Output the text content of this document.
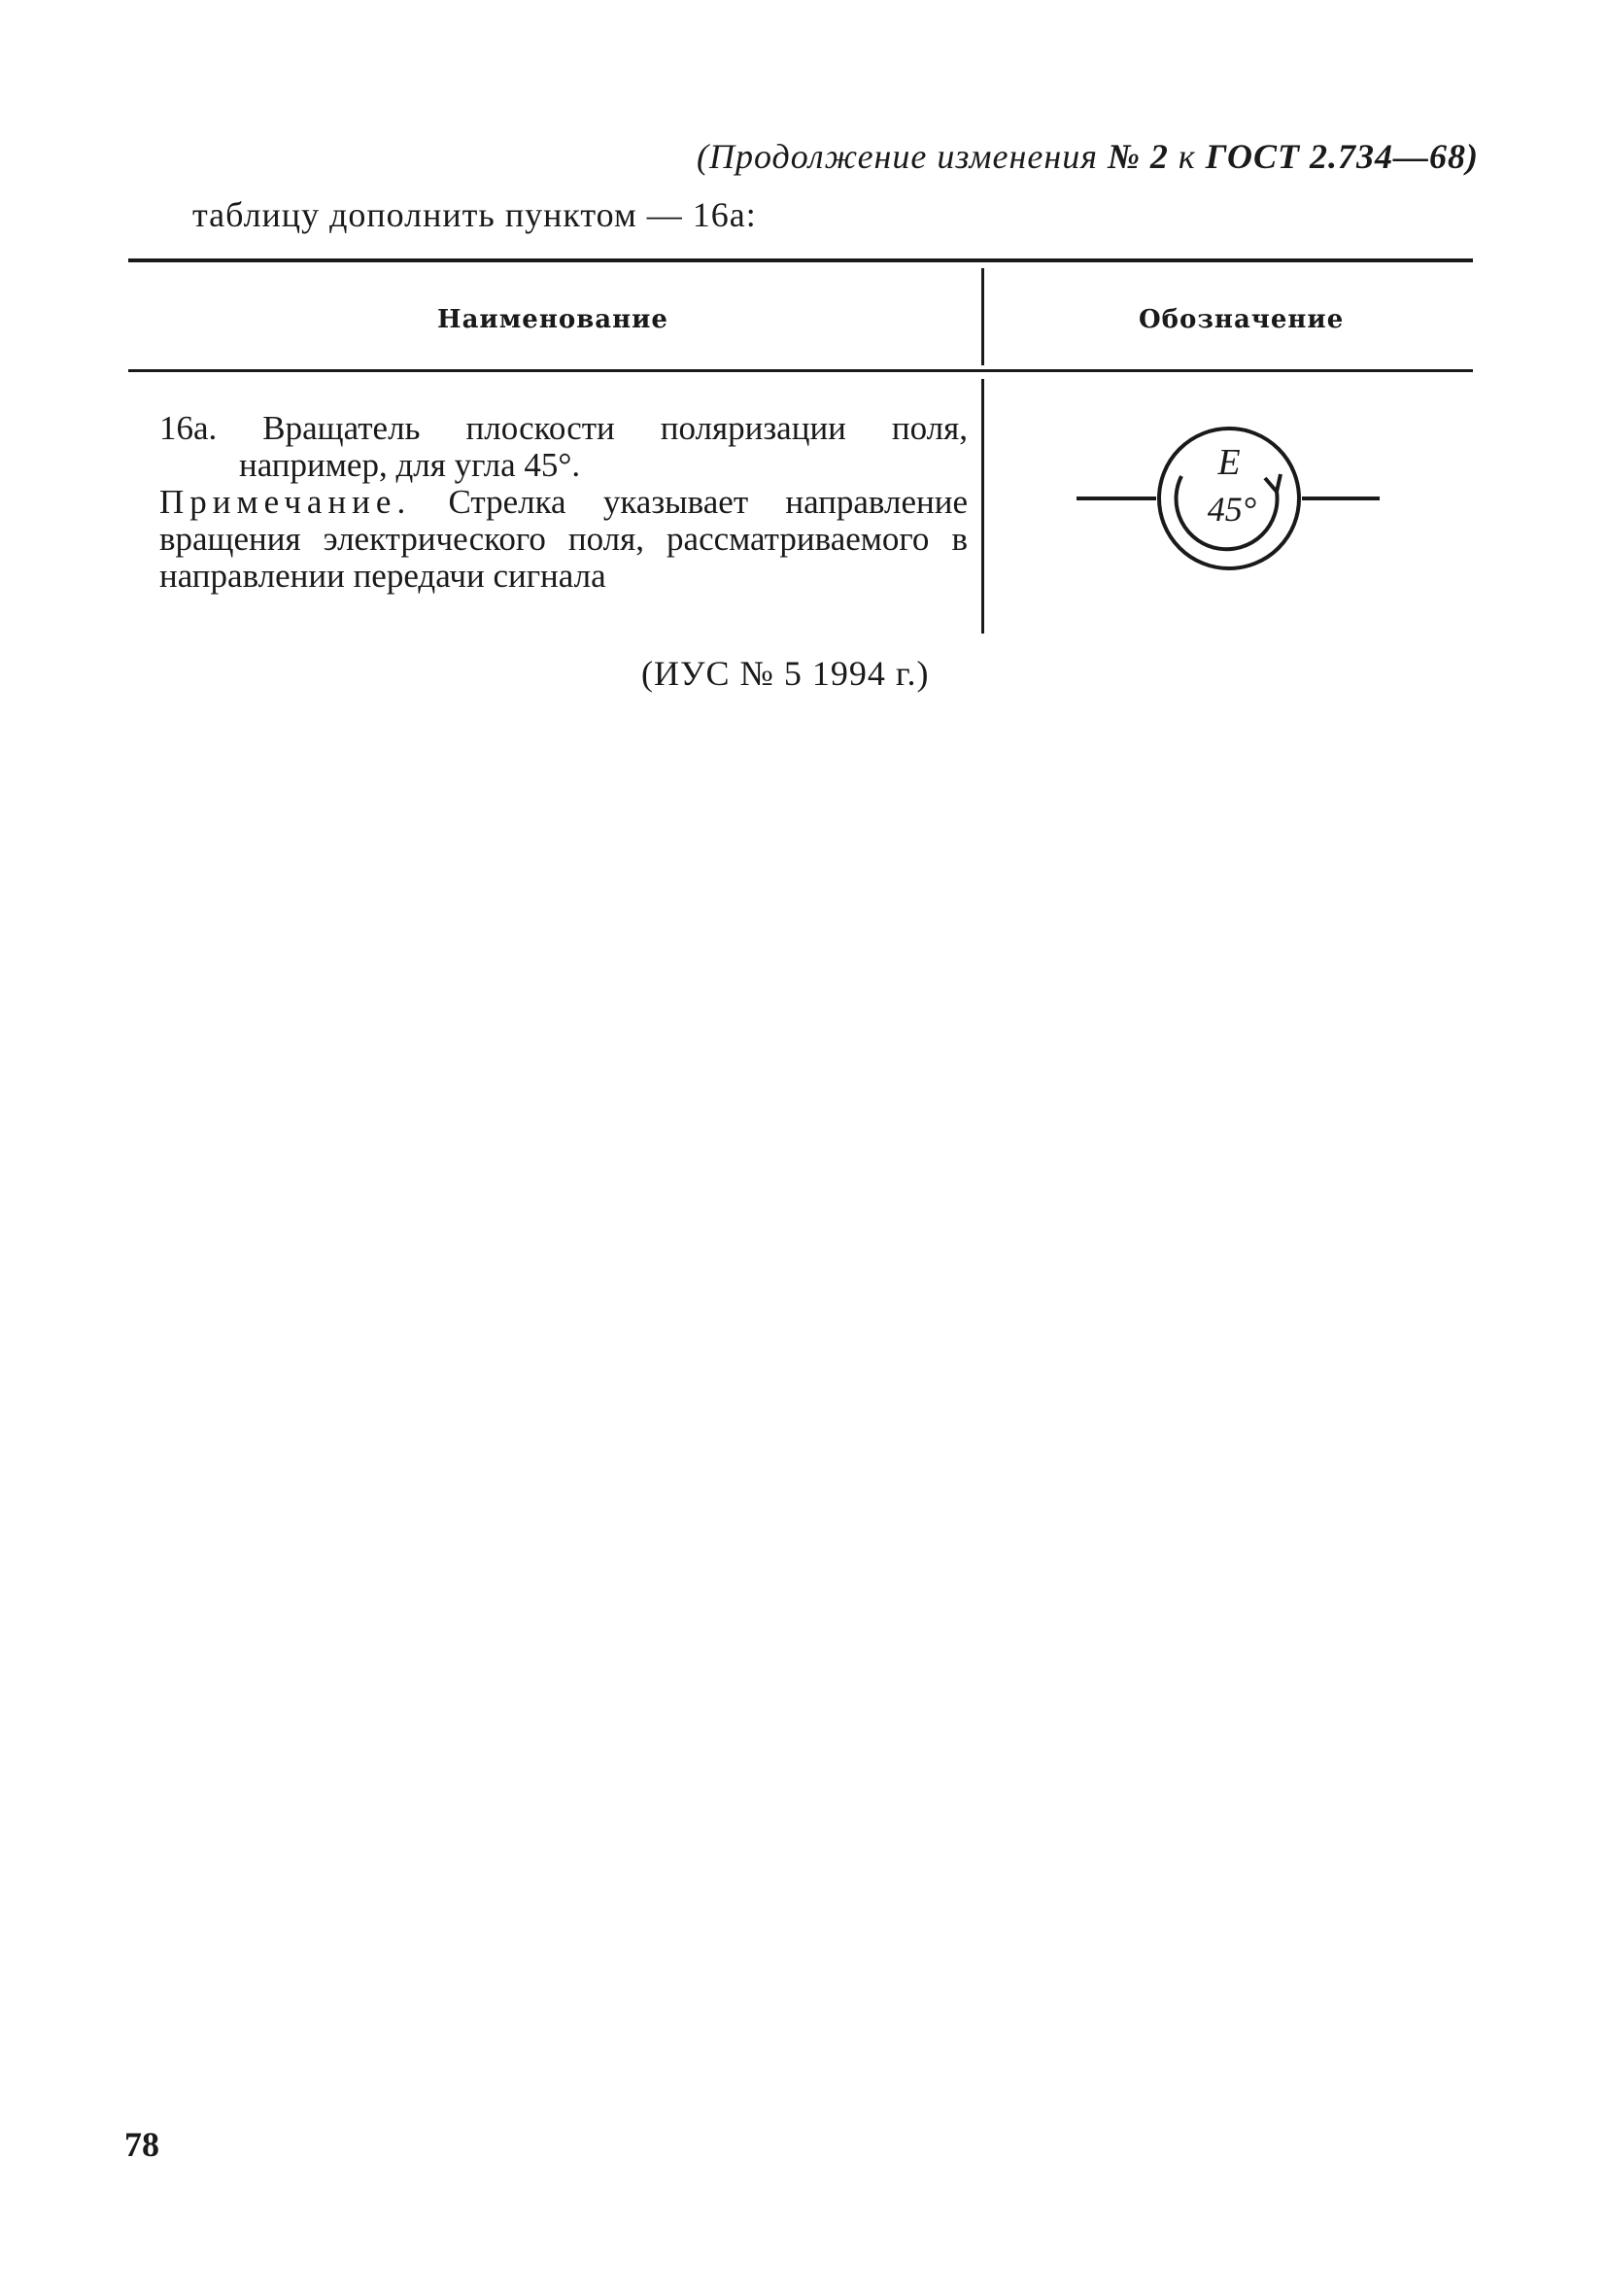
(Продолжение изменения № 2 к ГОСТ 2.734—68)
таблицу дополнить пунктом — 16а:
Наименование	Обозначение

16а. Вращатель плоскости поляризации поля,

например, для угла 45°.

Примечание. Стрелка указывает направление вращения электрического поля, рассматриваемого в направлении передачи сигнала

E
45°
(ИУС № 5 1994 г.)
78
